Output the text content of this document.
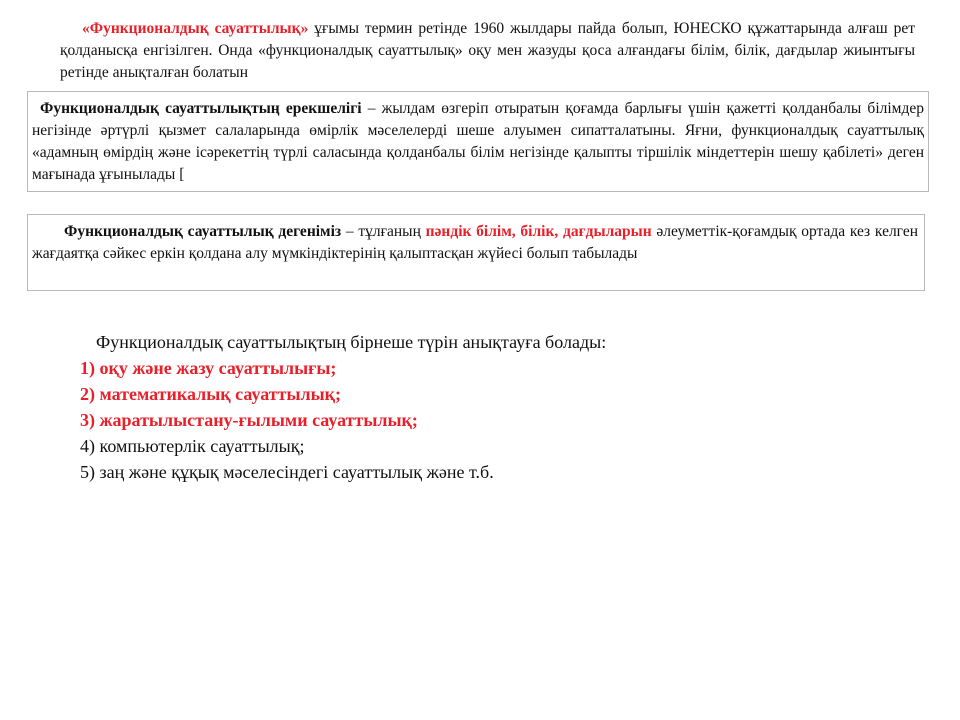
«Функционалдық сауаттылық» ұғымы термин ретінде 1960 жылдары пайда болып, ЮНЕСКО құжаттарында алғаш рет қолданысқа енгізілген. Онда «функционалдық сауаттылық» оқу мен жазуды қоса алғандағы білім, білік, дағдылар жиынтығы ретінде анықталған болатын
Функционалдық сауаттылықтың ерекшелігі – жылдам өзгеріп отыратын қоғамда барлығы үшін қажетті қолданбалы білімдер негізінде әртүрлі қызмет салаларында өмірлік мәселелерді шеше алуымен сипатталатыны. Яғни, функционалдық сауаттылық «адамның өмірдің және ісәрекеттің түрлі саласында қолданбалы білім негізінде қалыпты тіршілік міндеттерін шешу қабілеті» деген мағынада ұғынылады [
Функционалдық сауаттылық дегеніміз – тұлғаның пәндік білім, білік, дағдыларын әлеуметтік-қоғамдық ортада кез келген жағдаятқа сәйкес еркін қолдана алу мүмкіндіктерінің қалыптасқан жүйесі болып табылады
Функционалдық сауаттылықтың бірнеше түрін анықтауға болады:
1) оқу және жазу сауаттылығы;
2) математикалық сауаттылық;
3) жаратылыстану-ғылыми сауаттылық;
4) компьютерлік сауаттылық;
5) заң және құқық мәселесіндегі сауаттылық және т.б.
